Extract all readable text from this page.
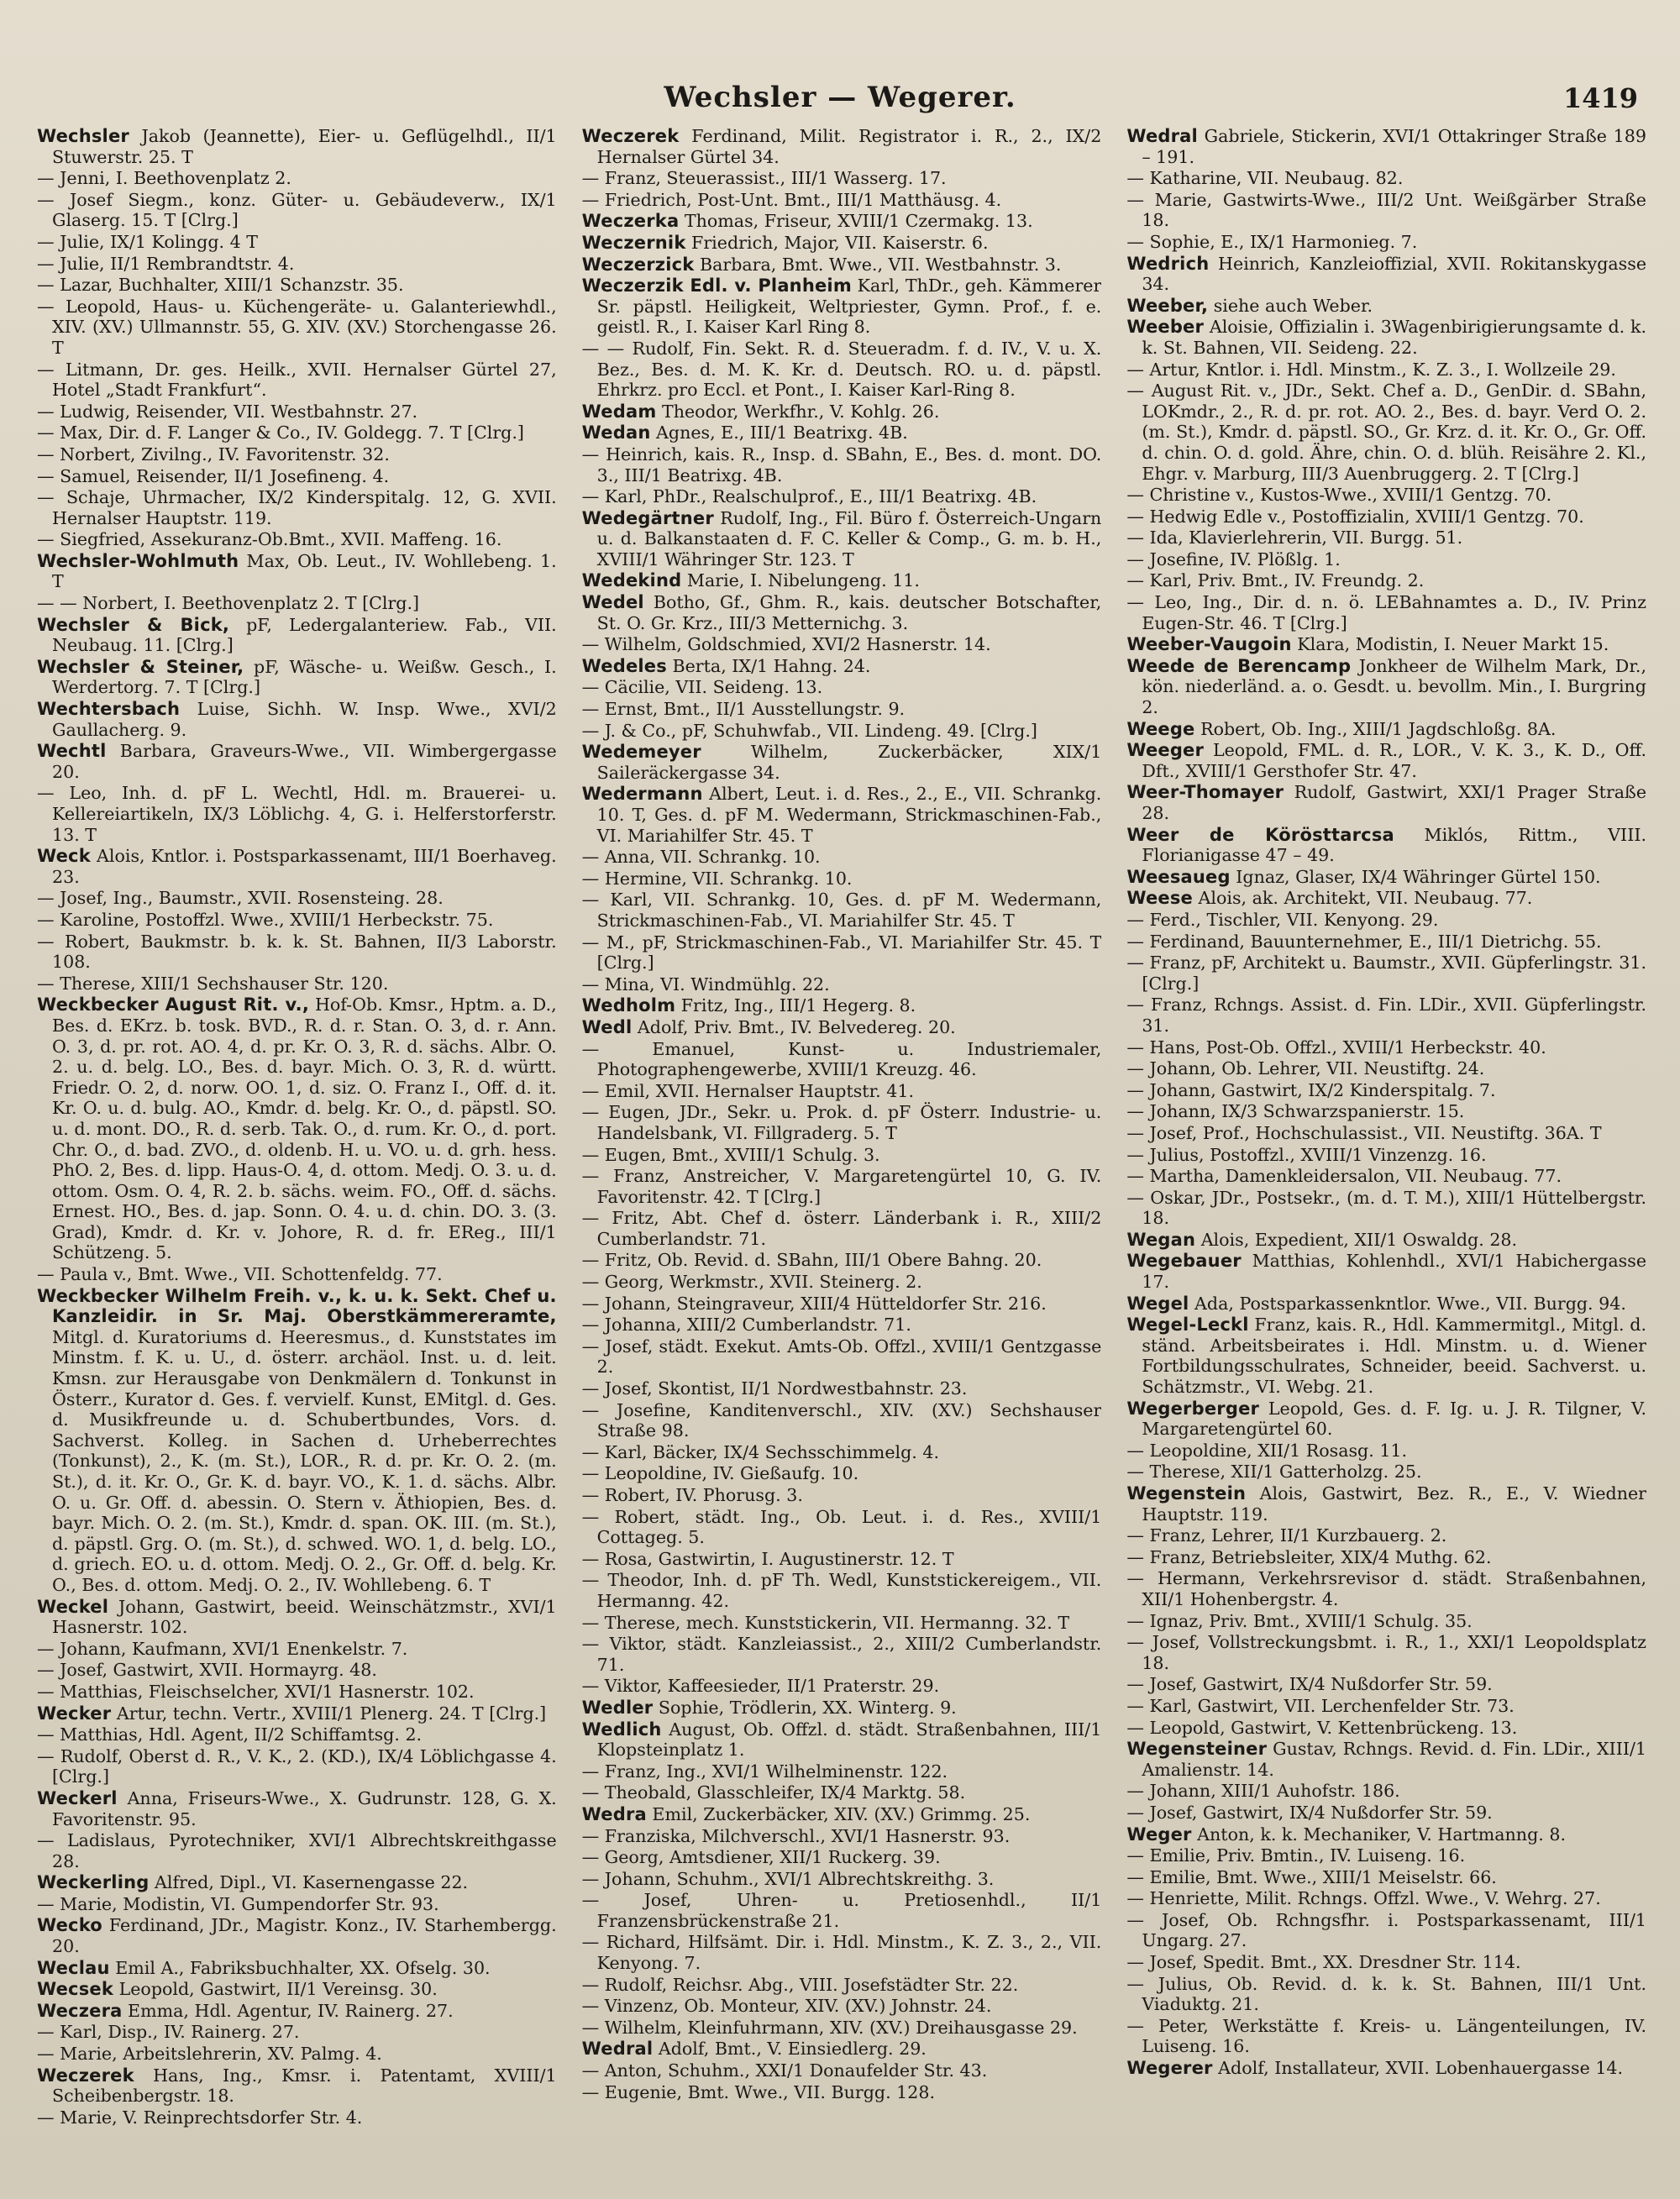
Wechsler — Wegerer.	1419
Wechsler Jakob (Jeannette), Eier- u. Geflügelhdl., II/1 Stuwerstr. 25. T
— Jenni, I. Beethovenplatz 2.
— Josef Siegm., konz. Güter- u. Gebäudeverw., IX/1 Glaserg. 15. T [Clrg.]
— Julie, IX/1 Kolingg. 4 T
— Julie, II/1 Rembrandtstr. 4.
— Lazar, Buchhalter, XIII/1 Schanzstr. 35.
— Leopold, Haus- u. Küchengeräte- u. Galanteriewhdl., XIV. (XV.) Ullmannstr. 55, G. XIV. (XV.) Storchengasse 26. T
— Litmann, Dr. ges. Heilk., XVII. Hernalser Gürtel 27, Hotel „Stadt Frankfurt“.
— Ludwig, Reisender, VII. Westbahnstr. 27.
— Max, Dir. d. F. Langer & Co., IV. Goldegg. 7. T [Clrg.]
— Norbert, Zivilng., IV. Favoritenstr. 32.
— Samuel, Reisender, II/1 Josefineng. 4.
— Schaje, Uhrmacher, IX/2 Kinderspitalg. 12, G. XVII. Hernalser Hauptstr. 119.
— Siegfried, Assekuranz-Ob.Bmt., XVII. Maffeng. 16.
Wechsler-Wohlmuth Max, Ob. Leut., IV. Wohllebeng. 1. T
— — Norbert, I. Beethovenplatz 2. T [Clrg.]
Wechsler & Bick, pF, Ledergalanteriew. Fab., VII. Neubaug. 11. [Clrg.]
Wechsler & Steiner, pF, Wäsche- u. Weißw. Gesch., I. Werdertorg. 7. T [Clrg.]
Wechtersbach Luise, Sichh. W. Insp. Wwe., XVI/2 Gaullacherg. 9.
Wechtl Barbara, Graveurs-Wwe., VII. Wimbergergasse 20.
— Leo, Inh. d. pF L. Wechtl, Hdl. m. Brauerei- u. Kellereiartikeln, IX/3 Löblichg. 4, G. i. Helferstorferstr. 13. T
Weck Alois, Kntlor. i. Postsparkassenamt, III/1 Boerhaveg. 23.
— Josef, Ing., Baumstr., XVII. Rosensteing. 28.
— Karoline, Postoffzl. Wwe., XVIII/1 Herbeckstr. 75.
— Robert, Baukmstr. b. k. k. St. Bahnen, II/3 Laborstr. 108.
— Therese, XIII/1 Sechshauser Str. 120.
Weckbecker August Rit. v., Hof-Ob. Kmsr., Hptm. a. D., Bes. d. EKrz. b. tosk. BVD., R. d. r. Stan. O. 3, d. r. Ann. O. 3, d. pr. rot. AO. 4, d. pr. Kr. O. 3, R. d. sächs. Albr. O. 2. u. d. belg. LO., Bes. d. bayr. Mich. O. 3, R. d. württ. Friedr. O. 2, d. norw. OO. 1, d. siz. O. Franz I., Off. d. it. Kr. O. u. d. bulg. AO., Kmdr. d. belg. Kr. O., d. päpstl. SO. u. d. mont. DO., R. d. serb. Tak. O., d. rum. Kr. O., d. port. Chr. O., d. bad. ZVO., d. oldenb. H. u. VO. u. d. grh. hess. PhO. 2, Bes. d. lipp. Haus-O. 4, d. ottom. Medj. O. 3. u. d. ottom. Osm. O. 4, R. 2. b. sächs. weim. FO., Off. d. sächs. Ernest. HO., Bes. d. jap. Sonn. O. 4. u. d. chin. DO. 3. (3. Grad), Kmdr. d. Kr. v. Johore, R. d. fr. EReg., III/1 Schützeng. 5.
— Paula v., Bmt. Wwe., VII. Schottenfeldg. 77.
Weckbecker Wilhelm Freih. v., k. u. k. Sekt. Chef u. Kanzleidir. in Sr. Maj. Oberstkämmereramte, Mitgl. d. Kuratoriums d. Heeresmus., d. Kunststates im Minstm. f. K. u. U., d. österr. archäol. Inst. u. d. leit. Kmsn. zur Herausgabe von Denkmälern d. Tonkunst in Österr., Kurator d. Ges. f. vervielf. Kunst, EMitgl. d. Ges. d. Musikfreunde u. d. Schubertbundes, Vors. d. Sachverst. Kolleg. in Sachen d. Urheberrechtes (Tonkunst), 2., K. (m. St.), LOR., R. d. pr. Kr. O. 2. (m. St.), d. it. Kr. O., Gr. K. d. bayr. VO., K. 1. d. sächs. Albr. O. u. Gr. Off. d. abessin. O. Stern v. Äthiopien, Bes. d. bayr. Mich. O. 2. (m. St.), Kmdr. d. span. OK. III. (m. St.), d. päpstl. Grg. O. (m. St.), d. schwed. WO. 1, d. belg. LO., d. griech. EO. u. d. ottom. Medj. O. 2., Gr. Off. d. belg. Kr. O., Bes. d. ottom. Medj. O. 2., IV. Wohllebeng. 6. T
Weckel Johann, Gastwirt, beeid. Weinschätzmstr., XVI/1 Hasnerstr. 102.
— Johann, Kaufmann, XVI/1 Enenkelstr. 7.
— Josef, Gastwirt, XVII. Hormayrg. 48.
— Matthias, Fleischselcher, XVI/1 Hasnerstr. 102.
Wecker Artur, techn. Vertr., XVIII/1 Plenerg. 24. T [Clrg.]
— Matthias, Hdl. Agent, II/2 Schiffamtsg. 2.
— Rudolf, Oberst d. R., V. K., 2. (KD.), IX/4 Löblichgasse 4. [Clrg.]
Weckerl Anna, Friseurs-Wwe., X. Gudrunstr. 128, G. X. Favoritenstr. 95.
— Ladislaus, Pyrotechniker, XVI/1 Albrechtskreithgasse 28.
Weckerling Alfred, Dipl., VI. Kasernengasse 22.
— Marie, Modistin, VI. Gumpendorfer Str. 93.
Wecko Ferdinand, JDr., Magistr. Konz., IV. Starhembergg. 20.
Weclau Emil A., Fabriksbuchhalter, XX. Ofselg. 30.
Wecsek Leopold, Gastwirt, II/1 Vereinsg. 30.
Weczera Emma, Hdl. Agentur, IV. Rainerg. 27.
— Karl, Disp., IV. Rainerg. 27.
— Marie, Arbeitslehrerin, XV. Palmg. 4.
Weczerek Hans, Ing., Kmsr. i. Patentamt, XVIII/1 Scheibenbergstr. 18.
— Marie, V. Reinprechtsdorfer Str. 4.
Weczerek Ferdinand, Milit. Registrator i. R., 2., IX/2 Hernalser Gürtel 34.
— Franz, Steuerassist., III/1 Wasserg. 17.
— Friedrich, Post-Unt. Bmt., III/1 Matthäusg. 4.
Weczerka Thomas, Friseur, XVIII/1 Czermakg. 13.
Weczernik Friedrich, Major, VII. Kaiserstr. 6.
Weczerzick Barbara, Bmt. Wwe., VII. Westbahnstr. 3.
Weczerzik Edl. v. Planheim Karl, ThDr., geh. Kämmerer Sr. päpstl. Heiligkeit, Weltpriester, Gymn. Prof., f. e. geistl. R., I. Kaiser Karl Ring 8.
— — Rudolf, Fin. Sekt. R. d. Steueradm. f. d. IV., V. u. X. Bez., Bes. d. M. K. Kr. d. Deutsch. RO. u. d. päpstl. Ehrkrz. pro Eccl. et Pont., I. Kaiser Karl-Ring 8.
Wedam Theodor, Werkfhr., V. Kohlg. 26.
Wedan Agnes, E., III/1 Beatrixg. 4B.
— Heinrich, kais. R., Insp. d. SBahn, E., Bes. d. mont. DO. 3., III/1 Beatrixg. 4B.
— Karl, PhDr., Realschulprof., E., III/1 Beatrixg. 4B.
Wedegärtner Rudolf, Ing., Fil. Büro f. Österreich-Ungarn u. d. Balkanstaaten d. F. C. Keller & Comp., G. m. b. H., XVIII/1 Währinger Str. 123. T
Wedekind Marie, I. Nibelungeng. 11.
Wedel Botho, Gf., Ghm. R., kais. deutscher Botschafter, St. O. Gr. Krz., III/3 Metternichg. 3.
— Wilhelm, Goldschmied, XVI/2 Hasnerstr. 14.
Wedeles Berta, IX/1 Hahng. 24.
— Cäcilie, VII. Seideng. 13.
— Ernst, Bmt., II/1 Ausstellungstr. 9.
— J. & Co., pF, Schuhwfab., VII. Lindeng. 49. [Clrg.]
Wedemeyer	Wilhelm, Zuckerbäcker, XIX/1 Saileräckergasse 34.
Wedermann Albert, Leut. i. d. Res., 2., E., VII. Schrankg. 10. T, Ges. d. pF M. Wedermann, Strickmaschinen-Fab., VI. Mariahilfer Str. 45. T
— Anna, VII. Schrankg. 10.
— Hermine, VII. Schrankg. 10.
— Karl, VII. Schrankg. 10, Ges. d. pF M. Wedermann, Strickmaschinen-Fab., VI. Mariahilfer Str. 45. T
— M., pF, Strickmaschinen-Fab., VI. Mariahilfer Str. 45. T [Clrg.]
— Mina, VI. Windmühlg. 22.
Wedholm Fritz, Ing., III/1 Hegerg. 8.
Wedl Adolf, Priv. Bmt., IV. Belvedereg. 20.
— Emanuel, Kunst- u. Industriemaler, Photographengewerbe, XVIII/1 Kreuzg. 46.
— Emil, XVII. Hernalser Hauptstr. 41.
— Eugen, JDr., Sekr. u. Prok. d. pF Österr. Industrie- u. Handelsbank, VI. Fillgraderg. 5. T
— Eugen, Bmt., XVIII/1 Schulg. 3.
— Franz, Anstreicher, V. Margaretengürtel 10, G. IV. Favoritenstr. 42. T [Clrg.]
— Fritz, Abt. Chef d. österr. Länderbank i. R., XIII/2 Cumberlandstr. 71.
— Fritz, Ob. Revid. d. SBahn, III/1 Obere Bahng. 20.
— Georg, Werkmstr., XVII. Steinerg. 2.
— Johann, Steingraveur, XIII/4 Hütteldorfer Str. 216.
— Johanna, XIII/2 Cumberlandstr. 71.
— Josef, städt. Exekut. Amts-Ob. Offzl., XVIII/1 Gentzgasse 2.
— Josef, Skontist, II/1 Nordwestbahnstr. 23.
— Josefine, Kanditenverschl., XIV. (XV.) Sechshauser Straße 98.
— Karl, Bäcker, IX/4 Sechsschimmelg. 4.
— Leopoldine, IV. Gießaufg. 10.
— Robert, IV. Phorusg. 3.
— Robert, städt. Ing., Ob. Leut. i. d. Res., XVIII/1 Cottageg. 5.
— Rosa, Gastwirtin, I. Augustinerstr. 12. T
— Theodor, Inh. d. pF Th. Wedl, Kunststickereigem., VII. Hermanng. 42.
— Therese, mech. Kunststickerin, VII. Hermanng. 32. T
— Viktor, städt. Kanzleiassist., 2., XIII/2 Cumberlandstr. 71.
— Viktor, Kaffeesieder, II/1 Praterstr. 29.
Wedler Sophie, Trödlerin, XX. Winterg. 9.
Wedlich August, Ob. Offzl. d. städt. Straßenbahnen, III/1 Klopsteinplatz 1.
— Franz, Ing., XVI/1 Wilhelminenstr. 122.
— Theobald, Glasschleifer, IX/4 Marktg. 58.
Wedra Emil, Zuckerbäcker, XIV. (XV.) Grimmg. 25.
— Franziska, Milchverschl., XVI/1 Hasnerstr. 93.
— Georg, Amtsdiener, XII/1 Ruckerg. 39.
— Johann, Schuhm., XVI/1 Albrechtskreithg. 3.
— Josef, Uhren- u. Pretiosenhdl., II/1 Franzensbrückenstraße 21.
— Richard, Hilfsämt. Dir. i. Hdl. Minstm., K. Z. 3., 2., VII. Kenyong. 7.
— Rudolf, Reichsr. Abg., VIII. Josefstädter Str. 22.
— Vinzenz, Ob. Monteur, XIV. (XV.) Johnstr. 24.
— Wilhelm, Kleinfuhrmann, XIV. (XV.) Dreihausgasse 29.
Wedral Adolf, Bmt., V. Einsiedlerg. 29.
— Anton, Schuhm., XXI/1 Donaufelder Str. 43.
— Eugenie, Bmt. Wwe., VII. Burgg. 128.
Wedral Gabriele, Stickerin, XVI/1 Ottakringer Straße 189 – 191.
— Katharine, VII. Neubaug. 82.
— Marie, Gastwirts-Wwe., III/2 Unt. Weißgärber Straße 18.
— Sophie, E., IX/1 Harmonieg. 7.
Wedrich Heinrich, Kanzleioffizial, XVII. Rokitanskygasse 34.
Weeber, siehe auch Weber.
Weeber Aloisie, Offizialin i. 3Wagenbirigierungsamte d. k. k. St. Bahnen, VII. Seideng. 22.
— Artur, Kntlor. i. Hdl. Minstm., K. Z. 3., I. Wollzeile 29.
— August Rit. v., JDr., Sekt. Chef a. D., GenDir. d. SBahn, LOKmdr., 2., R. d. pr. rot. AO. 2., Bes. d. bayr. Verd O. 2. (m. St.), Kmdr. d. päpstl. SO., Gr. Krz. d. it. Kr. O., Gr. Off. d. chin. O. d. gold. Ähre, chin. O. d. blüh. Reisähre 2. Kl., Ehgr. v. Marburg, III/3 Auenbruggerg. 2. T [Clrg.]
— Christine v., Kustos-Wwe., XVIII/1 Gentzg. 70.
— Hedwig Edle v., Postoffizialin, XVIII/1 Gentzg. 70.
— Ida, Klavierlehrerin, VII. Burgg. 51.
— Josefine, IV. Plößlg. 1.
— Karl, Priv. Bmt., IV. Freundg. 2.
— Leo, Ing., Dir. d. n. ö. LEBahnamtes a. D., IV. Prinz Eugen-Str. 46. T [Clrg.]
Weeber-Vaugoin Klara, Modistin, I. Neuer Markt 15.
Weede de Berencamp Jonkheer de Wilhelm Mark, Dr., kön. niederländ. a. o. Gesdt. u. bevollm. Min., I. Burgring 2.
Weege Robert, Ob. Ing., XIII/1 Jagdschloßg. 8A.
Weeger Leopold, FML. d. R., LOR., V. K. 3., K. D., Off. Dft., XVIII/1 Gersthofer Str. 47.
Weer-Thomayer Rudolf, Gastwirt, XXI/1 Prager Straße 28.
Weer de Körösttarcsa Miklós, Rittm., VIII. Florianigasse 47 – 49.
Weesaueg Ignaz, Glaser, IX/4 Währinger Gürtel 150.
Weese Alois, ak. Architekt, VII. Neubaug. 77.
— Ferd., Tischler, VII. Kenyong. 29.
— Ferdinand, Bauunternehmer, E., III/1 Dietrichg. 55.
— Franz, pF, Architekt u. Baumstr., XVII. Güpferlingstr. 31. [Clrg.]
— Franz, Rchngs. Assist. d. Fin. LDir., XVII. Güpferlingstr. 31.
— Hans, Post-Ob. Offzl., XVIII/1 Herbeckstr. 40.
— Johann, Ob. Lehrer, VII. Neustiftg. 24.
— Johann, Gastwirt, IX/2 Kinderspitalg. 7.
— Johann, IX/3 Schwarzspanierstr. 15.
— Josef, Prof., Hochschulassist., VII. Neustiftg. 36A. T
— Julius, Postoffzl., XVIII/1 Vinzenzg. 16.
— Martha, Damenkleidersalon, VII. Neubaug. 77.
— Oskar, JDr., Postsekr., (m. d. T. M.), XIII/1 Hüttelbergstr. 18.
Wegan Alois, Expedient, XII/1 Oswaldg. 28.
Wegebauer Matthias, Kohlenhdl., XVI/1 Habichergasse 17.
Wegel Ada, Postsparkassenkntlor. Wwe., VII. Burgg. 94.
Wegel-Leckl Franz, kais. R., Hdl. Kammermitgl., Mitgl. d. ständ. Arbeitsbeirates i. Hdl. Minstm. u. d. Wiener Fortbildungsschulrates, Schneider, beeid. Sachverst. u. Schätzmstr., VI. Webg. 21.
Wegerberger Leopold, Ges. d. F. Ig. u. J. R. Tilgner, V. Margaretengürtel 60.
— Leopoldine, XII/1 Rosasg. 11.
— Therese, XII/1 Gatterholzg. 25.
Wegenstein Alois, Gastwirt, Bez. R., E., V. Wiedner Hauptstr. 119.
— Franz, Lehrer, II/1 Kurzbauerg. 2.
— Franz, Betriebsleiter, XIX/4 Muthg. 62.
— Hermann, Verkehrsrevisor d. städt. Straßenbahnen, XII/1 Hohenbergstr. 4.
— Ignaz, Priv. Bmt., XVIII/1 Schulg. 35.
— Josef, Vollstreckungsbmt. i. R., 1., XXI/1 Leopoldsplatz 18.
— Josef, Gastwirt, IX/4 Nußdorfer Str. 59.
— Karl, Gastwirt, VII. Lerchenfelder Str. 73.
— Leopold, Gastwirt, V. Kettenbrückeng. 13.
Wegensteiner Gustav, Rchngs. Revid. d. Fin. LDir., XIII/1 Amalienstr. 14.
— Johann, XIII/1 Auhofstr. 186.
— Josef, Gastwirt, IX/4 Nußdorfer Str. 59.
Weger Anton, k. k. Mechaniker, V. Hartmanng. 8.
— Emilie, Priv. Bmtin., IV. Luiseng. 16.
— Emilie, Bmt. Wwe., XIII/1 Meiselstr. 66.
— Henriette, Milit. Rchngs. Offzl. Wwe., V. Wehrg. 27.
— Josef, Ob. Rchngsfhr. i. Postsparkassenamt, III/1 Ungarg. 27.
— Josef, Spedit. Bmt., XX. Dresdner Str. 114.
— Julius, Ob. Revid. d. k. k. St. Bahnen, III/1 Unt. Viaduktg. 21.
— Peter, Werkstätte f. Kreis- u. Längenteilungen, IV. Luiseng. 16.
Wegerer Adolf, Installateur, XVII. Lobenhauergasse 14.
